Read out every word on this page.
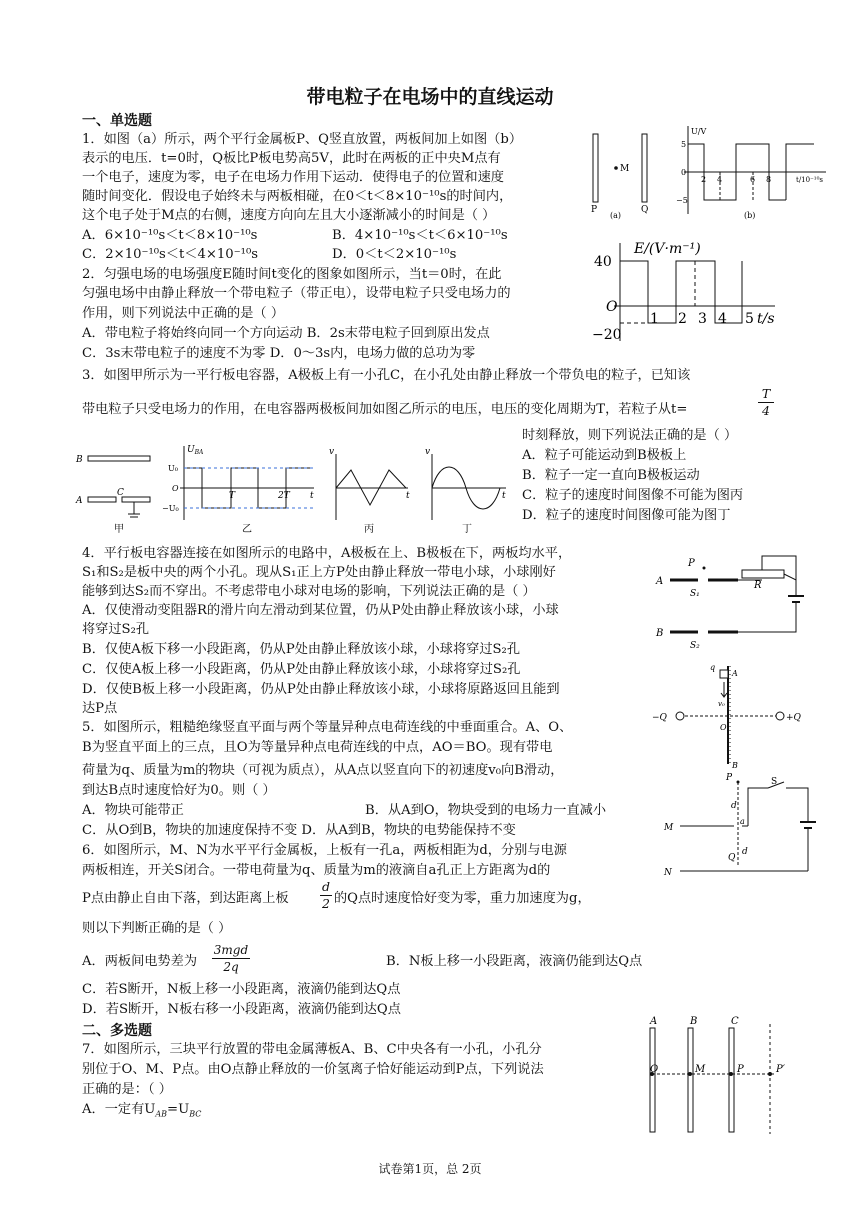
带电粒子在电场中的直线运动
一、单选题
1．如图（a）所示，两个平行金属板P、Q竖直放置，两板间加上如图（b）
表示的电压．t=0时，Q板比P板电势高5V，此时在两板的正中央M点有
一个电子，速度为零，电子在电场力作用下运动．使得电子的位置和速度
随时间变化．假设电子始终未与两板相碰，在0＜t＜8×10⁻¹⁰s的时间内，
这个电子处于M点的右侧，速度方向向左且大小逐渐减小的时间是（ ）
A．6×10⁻¹⁰s＜t＜8×10⁻¹⁰s	B．4×10⁻¹⁰s＜t＜6×10⁻¹⁰s
C．2×10⁻¹⁰s＜t＜4×10⁻¹⁰s	D．0＜t＜2×10⁻¹⁰s
2．匀强电场的电场强度E随时间t变化的图象如图所示，当t＝0时，在此
匀强电场中由静止释放一个带电粒子（带正电），设带电粒子只受电场力的
作用，则下列说法中正确的是（ ）
A．带电粒子将始终向同一个方向运动 B．2s末带电粒子回到原出发点
C．3s末带电粒子的速度不为零 D．0～3s内，电场力做的总功为零
3．如图甲所示为一平行板电容器，A极板上有一小孔C，在小孔处由静止释放一个带负电的粒子，已知该
带电粒子只受电场力的作用，在电容器两极板间加如图乙所示的电压，电压的变化周期为T，若粒子从t=	$\frac{T}{4}$
时刻释放，则下列说法正确的是（ ）
A．粒子可能运动到B极板上
B．粒子一定一直向B极板运动
C．粒子的速度时间图像不可能为图丙
D．粒子的速度时间图像可能为图丁
4．平行板电容器连接在如图所示的电路中，A极板在上、B极板在下，两板均水平，
S₁和S₂是板中央的两个小孔。现从S₁正上方P处由静止释放一带电小球，小球刚好
能够到达S₂而不穿出。不考虑带电小球对电场的影响，下列说法正确的是（ ）
A．仅使滑动变阻器R的滑片向左滑动到某位置，仍从P处由静止释放该小球，小球
将穿过S₂孔
B．仅使A板下移一小段距离，仍从P处由静止释放该小球，小球将穿过S₂孔
C．仅使A板上移一小段距离，仍从P处由静止释放该小球，小球将穿过S₂孔
D．仅使B板上移一小段距离，仍从P处由静止释放该小球，小球将原路返回且能到
达P点
5．如图所示，粗糙绝缘竖直平面与两个等量异种点电荷连线的中垂面重合。A、O、
B为竖直平面上的三点，且O为等量异种点电荷连线的中点，AO＝BO。现有带电
荷量为q、质量为m的物块（可视为质点），从A点以竖直向下的初速度v₀向B滑动，
到达B点时速度恰好为0。则（ ）
A．物块可能带正	B．从A到O，物块受到的电场力一直减小
C．从O到B，物块的加速度保持不变 D．从A到B，物块的电势能保持不变
6．如图所示，M、N为水平平行金属板，上板有一孔a，两板相距为d，分别与电源
两板相连，开关S闭合。一带电荷量为q、质量为m的液滴自a孔正上方距离为d的
P点由静止自由下落，到达距离上板	$\frac{d}{2}$ 的Q点时速度恰好变为零，重力加速度为g，
则以下判断正确的是（ ）
A．两板间电势差为
3mgd
2q	B．N板上移一小段距离，液滴仍能到达Q点
C．若S断开，N板上移一小段距离，液滴仍能到达Q点
D．若S断开，N板右移一小段距离，液滴仍能到达Q点
二、多选题
7．如图所示，三块平行放置的带电金属薄板A、B、C中央各有一小孔，小孔分
别位于O、M、P点。由O点静止释放的一价氢离子恰好能运动到P点，下列说法
正确的是：（ ）
A．一定有$U_{AB}=U_{BC}$
P
M
Q
(a)
U/V
5
0
−5
2 4	6 8	t/10⁻¹⁰s
(b)
E/(V·m⁻¹)
40
O
−20
1 2 3 4 5 t/s
B
A
C
甲
$U_{BA}$
U₀
O
−U₀
T	2T t
乙
v
t
丙
v
t
丁
P
A
S₁
R
B
S₂
q
A
v₀
−Q	+Q
O
B
P	S
d
M
a
Q
d
N
A	B	C
O	M	P	P′
试卷第1页，总 2页
